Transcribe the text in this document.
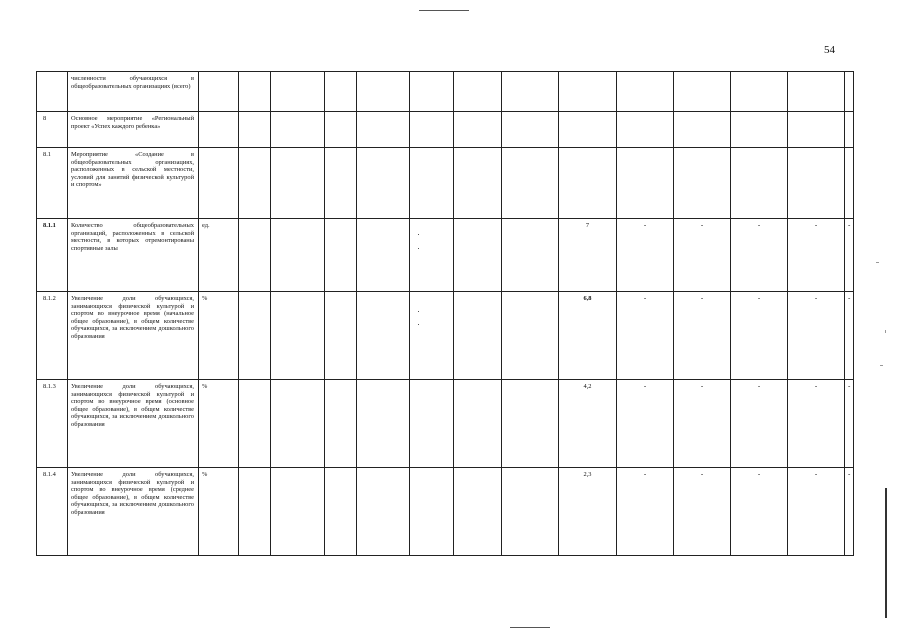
54
	численности обучающихся в общеобразовательных организациях (всего)														
8	Основное мероприятие «Региональный проект «Успех каждого ребенка»														
8.1	Мероприятие «Создание в общеобразовательных организациях, расположенных в сельской местности, условий для занятий физической культурой и спортом»														
8.1.1	Количество общеобразовательных организаций, расположенных в сельской местности, в которых отремонтированы спортивные залы	ед.								7	-	-	-	-	-
8.1.2	Увеличение доли обучающихся, занимающихся физической культурой и спортом во внеурочное время (начальное общее образование), в общем количестве обучающихся, за исключением дошкольного образования	%								6,8	-	-	-	-	-
8.1.3	Увеличение доли обучающихся, занимающихся физической культурой и спортом во внеурочное время (основное общее образование), в общем количестве обучающихся, за исключением дошкольного образования	%								4,2	-	-	-	-	-
8.1.4	Увеличение доли обучающихся, занимающихся физической культурой и спортом во внеурочное время (среднее общее образование), в общем количестве обучающихся, за исключением дошкольного образования	%								2,3	-	-	-	-	-
